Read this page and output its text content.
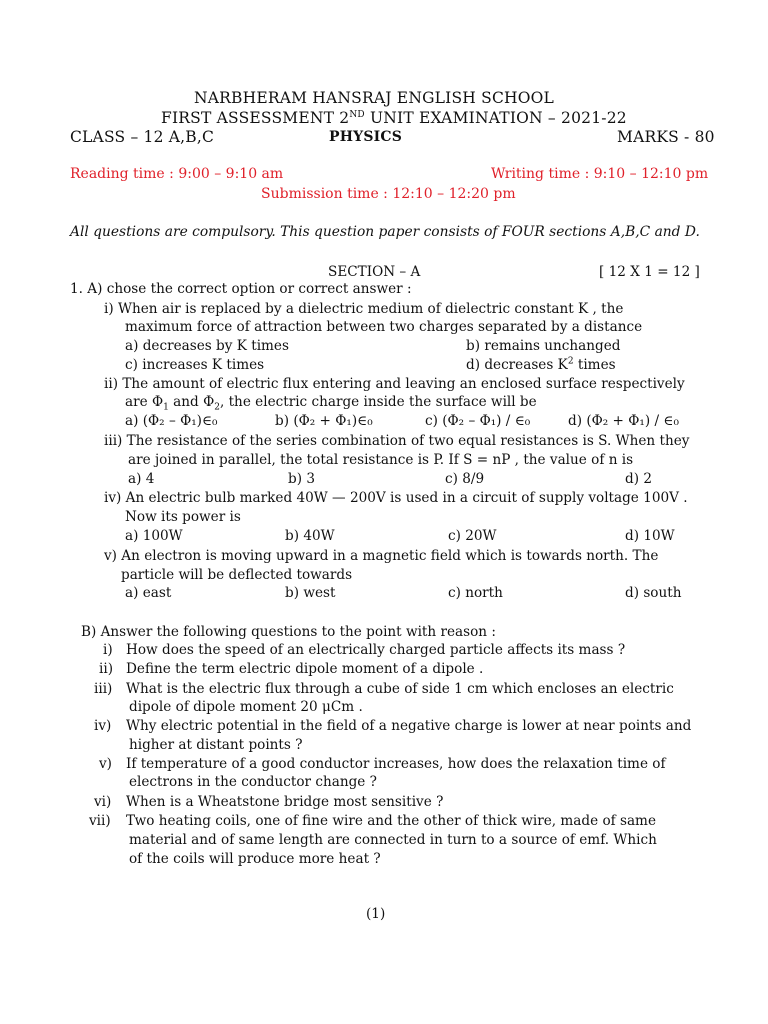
NARBHERAM HANSRAJ ENGLISH SCHOOL
FIRST ASSESSMENT 2ND UNIT EXAMINATION – 2021-22
CLASS – 12 A,B,C	PHYSICS	MARKS - 80
Reading time : 9:00 – 9:10 am	Writing time : 9:10 – 12:10 pm
Submission time : 12:10 – 12:20 pm
All questions are compulsory. This question paper consists of FOUR sections A,B,C and D.
SECTION – A	[ 12 X 1 = 12 ]
1. A) chose the correct option or correct answer :
i) When air is replaced by a dielectric medium of dielectric constant K , the
maximum force of attraction between two charges separated by a distance
a) decreases by K times	b) remains unchanged
c) increases K times	d) decreases $K^2$ times
ii) The amount of electric flux entering and leaving an enclosed surface respectively
are $\Phi_1$ and $\Phi_2$, the electric charge inside the surface will be
a) (Φ₂ – Φ₁)∈₀	b) (Φ₂ + Φ₁)∈₀	c) (Φ₂ – Φ₁) / ∈₀	d) (Φ₂ + Φ₁) / ∈₀
iii) The resistance of the series combination of two equal resistances is S. When they
are joined in parallel, the total resistance is P. If S = nP , the value of n is
a) 4	b) 3	c) 8/9	d) 2
iv) An electric bulb marked 40W — 200V is used in a circuit of supply voltage 100V .
Now its power is
a) 100W	b) 40W	c) 20W	d) 10W
v) An electron is moving upward in a magnetic field which is towards north. The
particle will be deflected towards
a) east	b) west	c) north	d) south
B) Answer the following questions to the point with reason :
i) How does the speed of an electrically charged particle affects its mass ?
ii) Define the term electric dipole moment of a dipole .
iii) What is the electric flux through a cube of side 1 cm which encloses an electric
dipole of dipole moment 20 μCm .
iv) Why electric potential in the field of a negative charge is lower at near points and
higher at distant points ?
v) If temperature of a good conductor increases, how does the relaxation time of
electrons in the conductor change ?
vi) When is a Wheatstone bridge most sensitive ?
vii) Two heating coils, one of fine wire and the other of thick wire, made of same
material and of same length are connected in turn to a source of emf. Which
of the coils will produce more heat ?
(1)
